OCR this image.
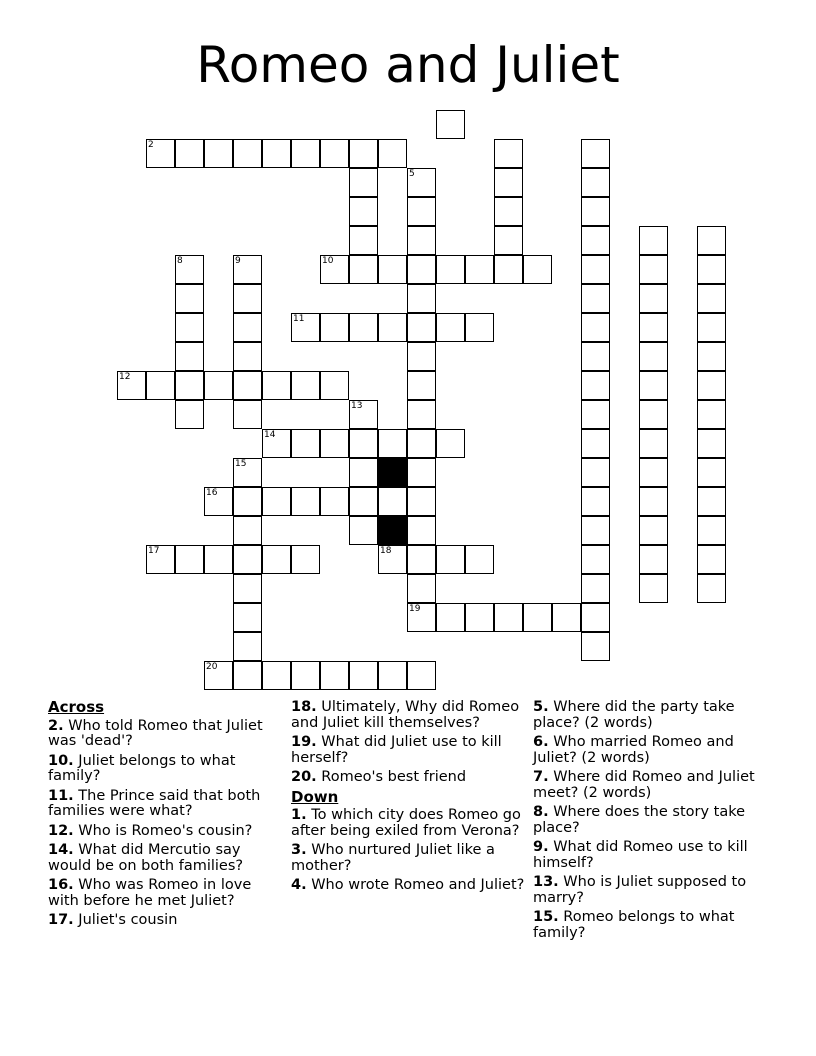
Romeo and Juliet
2
5
8	9	10
11
12
13
14
15
16
17	18
19
20
Across
2. Who told Romeo that Juliet was 'dead'?
10. Juliet belongs to what family?
11. The Prince said that both families were what?
12. Who is Romeo's cousin?
14. What did Mercutio say would be on both families?
16. Who was Romeo in love with before he met Juliet?
17. Juliet's cousin
18. Ultimately, Why did Romeo and Juliet kill themselves?
19. What did Juliet use to kill herself?
20. Romeo's best friend
Down
1. To which city does Romeo go after being exiled from Verona?
3. Who nurtured Juliet like a mother?
4. Who wrote Romeo and Juliet?
5. Where did the party take place? (2 words)
6. Who married Romeo and Juliet? (2 words)
7. Where did Romeo and Juliet meet? (2 words)
8. Where does the story take place?
9. What did Romeo use to kill himself?
13. Who is Juliet supposed to marry?
15. Romeo belongs to what family?
